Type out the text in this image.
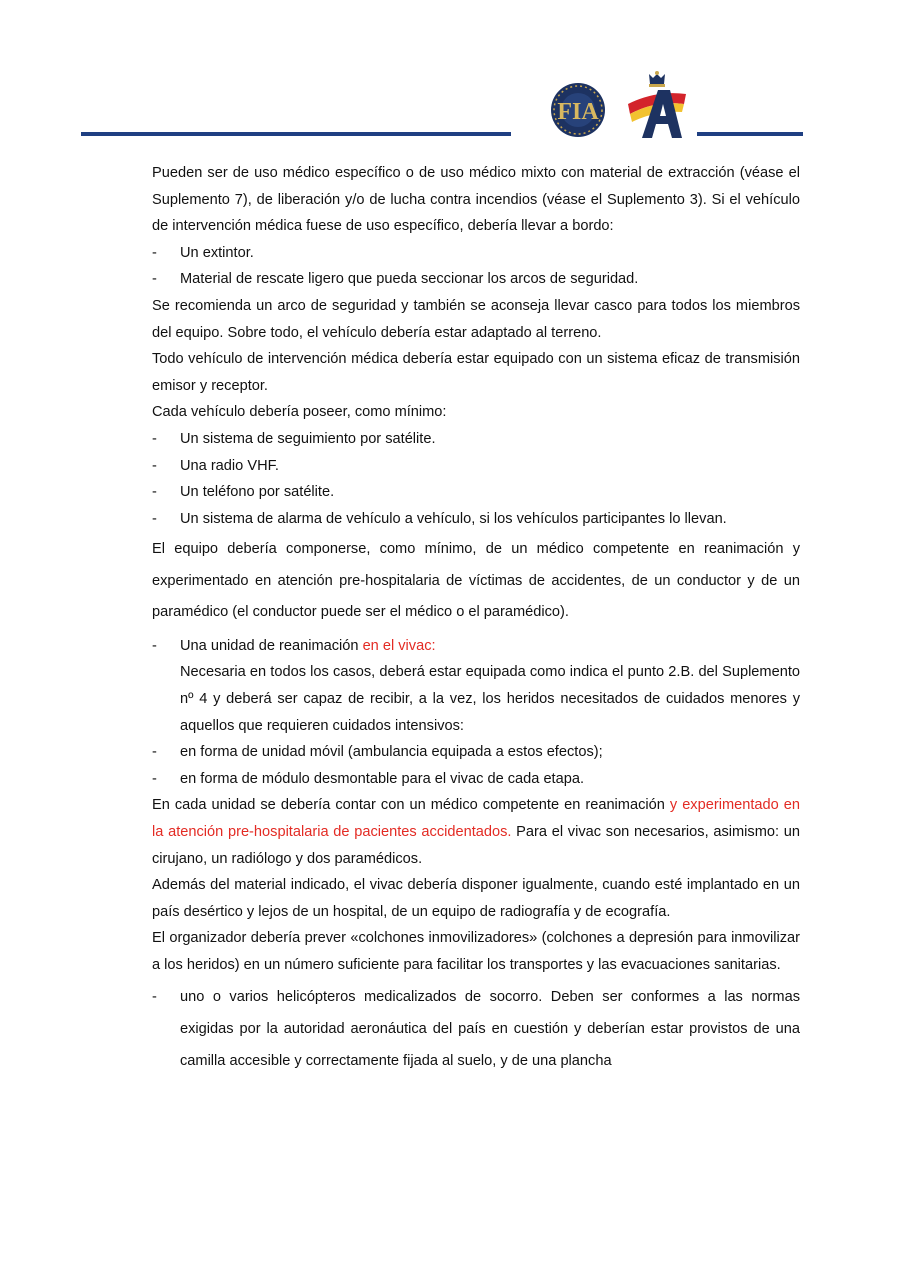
FIA
RFEdA

Pueden ser de uso médico específico o de uso médico mixto con material de extracción (véase el Suplemento 7), de liberación y/o de lucha contra incendios (véase el Suplemento 3). Si el vehículo de intervención médica fuese de uso específico, debería llevar a bordo:

- Un extintor.
- Material de rescate ligero que pueda seccionar los arcos de seguridad.

Se recomienda un arco de seguridad y también se aconseja llevar casco para todos los miembros del equipo. Sobre todo, el vehículo debería estar adaptado al terreno.

Todo vehículo de intervención médica debería estar equipado con un sistema eficaz de transmisión emisor y receptor.

Cada vehículo debería poseer, como mínimo:

- Un sistema de seguimiento por satélite.
- Una radio VHF.
- Un teléfono por satélite.
- Un sistema de alarma de vehículo a vehículo, si los vehículos participantes lo llevan.

El equipo debería componerse, como mínimo, de un médico competente en reanimación y experimentado en atención pre-hospitalaria de víctimas de accidentes, de un conductor y de un paramédico (el conductor puede ser el médico o el paramédico).

- Una unidad de reanimación en el vivac:

Necesaria en todos los casos, deberá estar equipada como indica el punto 2.B. del Suplemento nº 4 y deberá ser capaz de recibir, a la vez, los heridos necesitados de cuidados menores y aquellos que requieren cuidados intensivos:

- en forma de unidad móvil (ambulancia equipada a estos efectos);
- en forma de módulo desmontable para el vivac de cada etapa.

En cada unidad se debería contar con un médico competente en reanimación y experimentado en la atención pre-hospitalaria de pacientes accidentados. Para el vivac son necesarios, asimismo: un cirujano, un radiólogo y dos paramédicos.

Además del material indicado, el vivac debería disponer igualmente, cuando esté implantado en un país desértico y lejos de un hospital, de un equipo de radiografía y de ecografía.

El organizador debería prever «colchones inmovilizadores» (colchones a depresión para inmovilizar a los heridos) en un número suficiente para facilitar los transportes y las evacuaciones sanitarias.

- uno o varios helicópteros medicalizados de socorro. Deben ser conformes a las normas exigidas por la autoridad aeronáutica del país en cuestión y deberían estar provistos de una camilla accesible y correctamente fijada al suelo, y de una plancha
